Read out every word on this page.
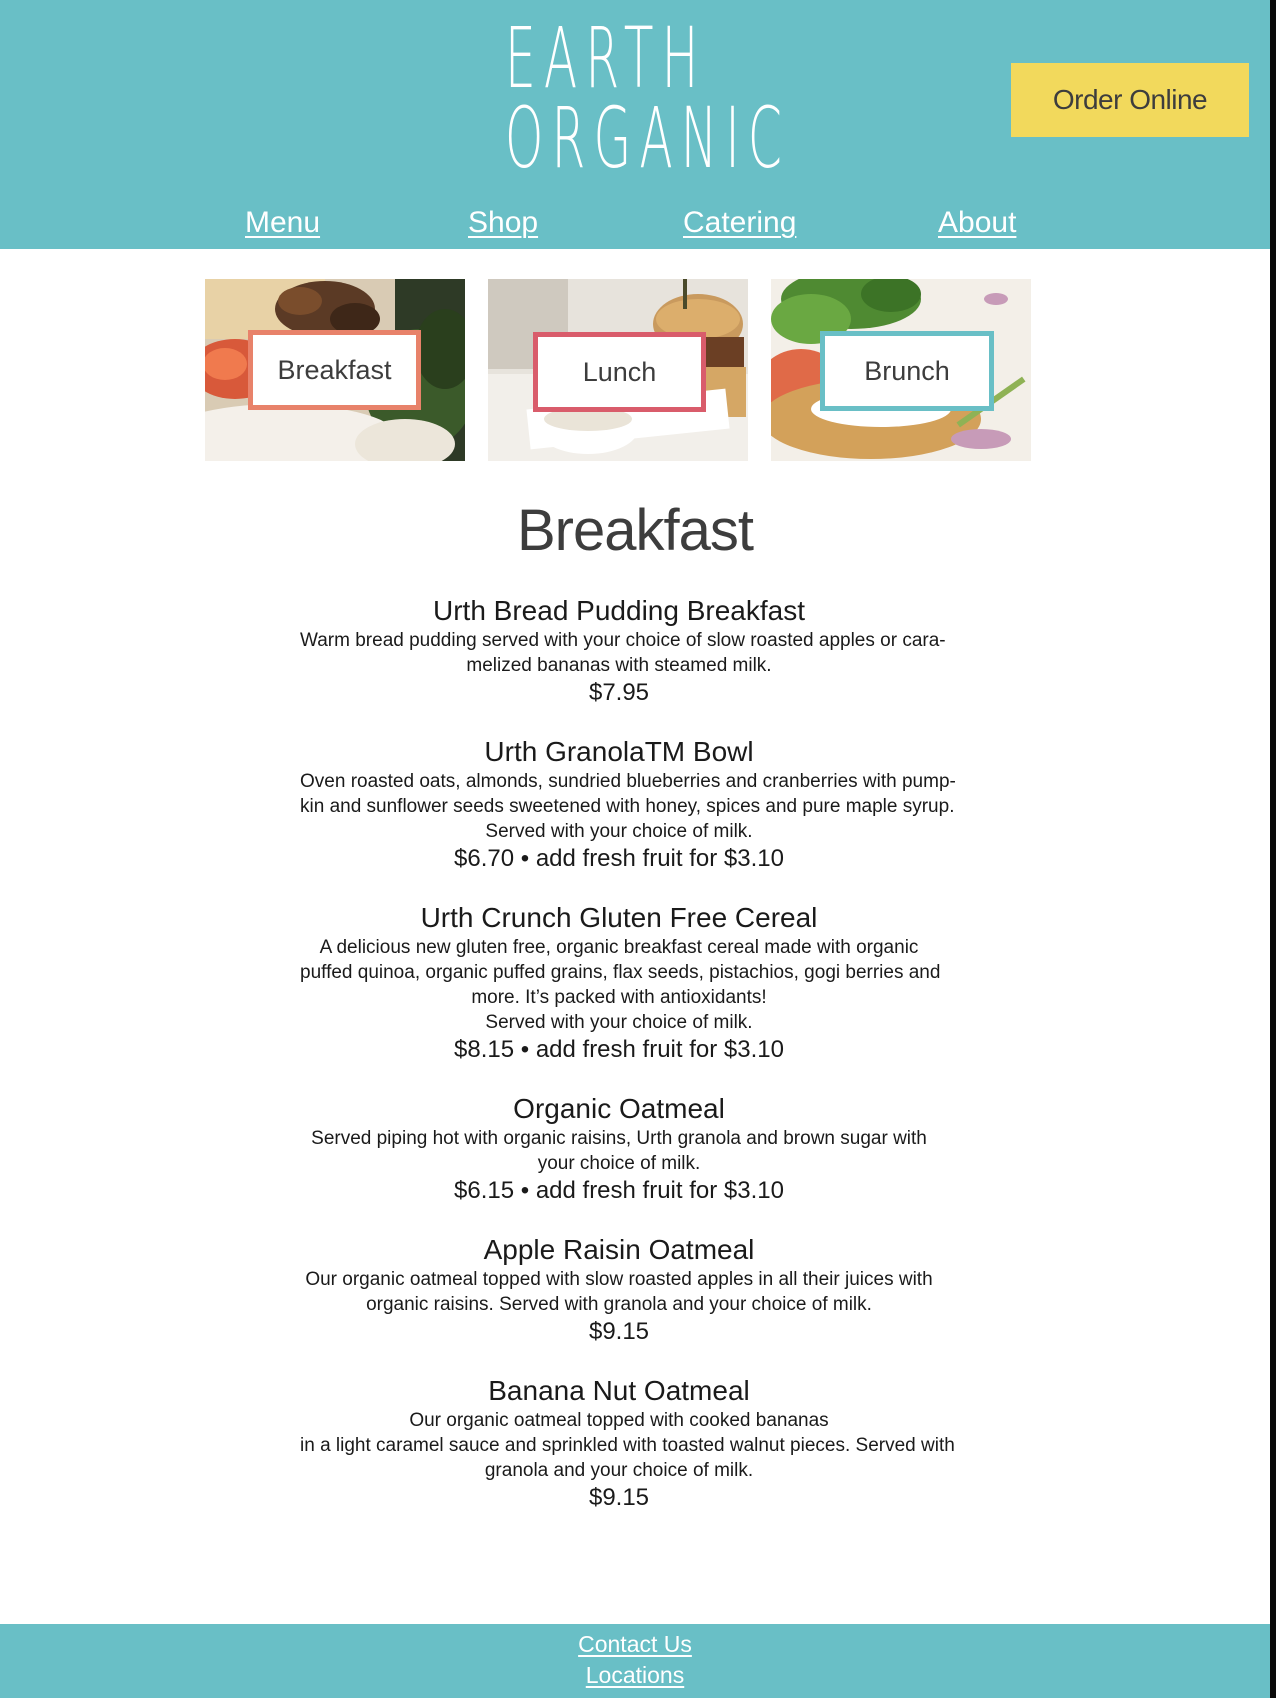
EARTH
ORGANIC	Order Online
Menu	Shop	Catering	About
Breakfast	Lunch	Brunch
Breakfast
Urth Bread Pudding Breakfast
Warm bread pudding served with your choice of slow roasted apples or cara-
melized bananas with steamed milk.
$7.95
Urth GranolaTM Bowl
Oven roasted oats, almonds, sundried blueberries and cranberries with pump-
kin and sunflower seeds sweetened with honey, spices and pure maple syrup.
Served with your choice of milk.
$6.70 • add fresh fruit for $3.10
Urth Crunch Gluten Free Cereal
A delicious new gluten free, organic breakfast cereal made with organic
puffed quinoa, organic puffed grains, flax seeds, pistachios, gogi berries and
more. It’s packed with antioxidants!
Served with your choice of milk.
$8.15 • add fresh fruit for $3.10
Organic Oatmeal
Served piping hot with organic raisins, Urth granola and brown sugar with
your choice of milk.
$6.15 • add fresh fruit for $3.10
Apple Raisin Oatmeal
Our organic oatmeal topped with slow roasted apples in all their juices with
organic raisins. Served with granola and your choice of milk.
$9.15
Banana Nut Oatmeal
Our organic oatmeal topped with cooked bananas
in a light caramel sauce and sprinkled with toasted walnut pieces. Served with
granola and your choice of milk.
$9.15
Contact Us
Locations
